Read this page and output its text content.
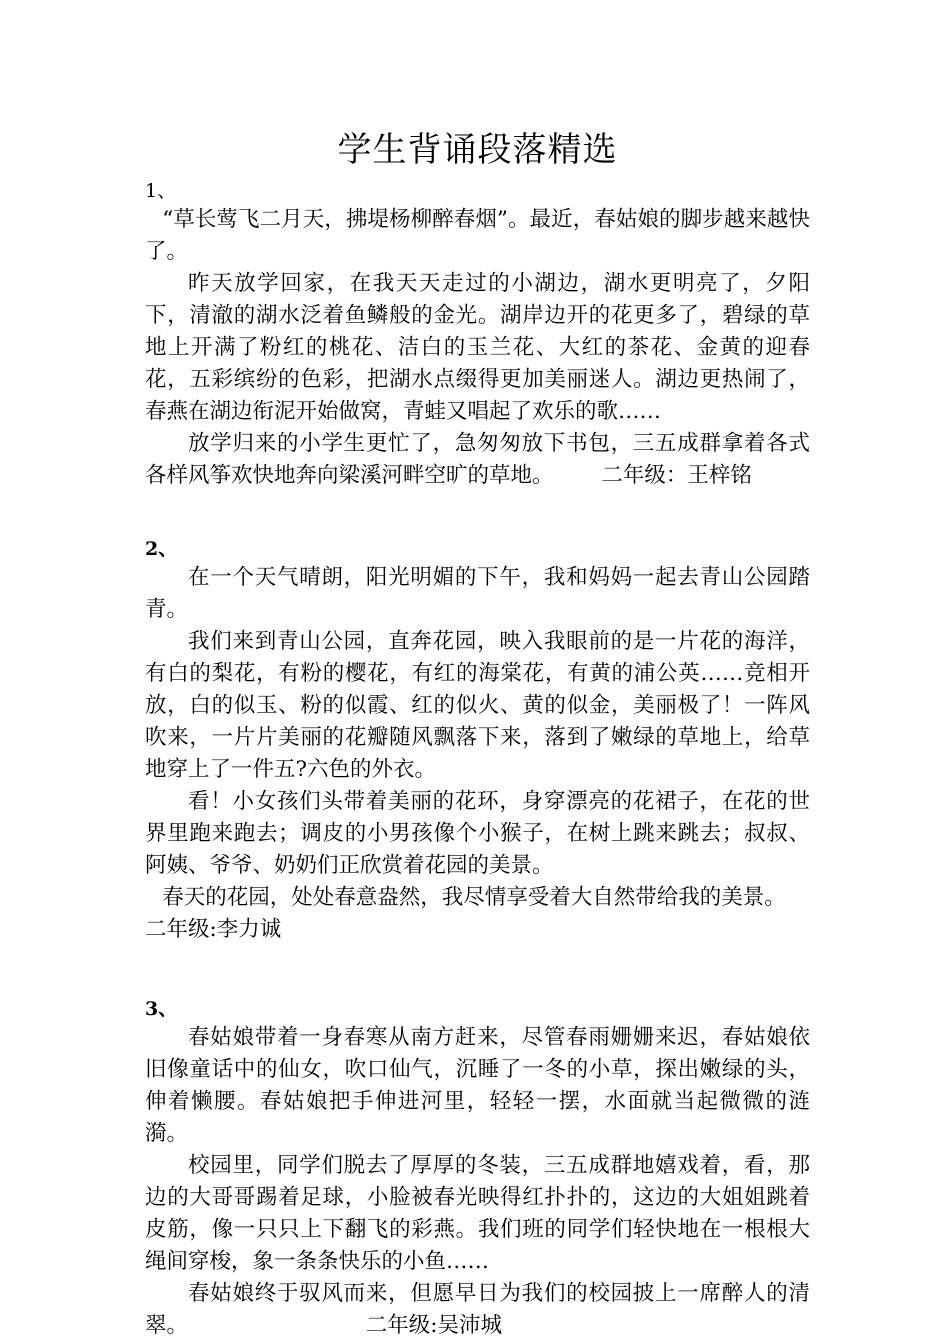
学生背诵段落精选

1、

“草长莺飞二月天，拂堤杨柳醉春烟”。最近，春姑娘的脚步越来越快了。

昨天放学回家，在我天天走过的小湖边，湖水更明亮了，夕阳下，清澈的湖水泛着鱼鳞般的金光。湖岸边开的花更多了，碧绿的草地上开满了粉红的桃花、洁白的玉兰花、大红的茶花、金黄的迎春花，五彩缤纷的色彩，把湖水点缀得更加美丽迷人。湖边更热闹了，春燕在湖边衔泥开始做窝，青蛙又唱起了欢乐的歌……

放学归来的小学生更忙了，急匆匆放下书包，三五成群拿着各式各样风筝欢快地奔向梁溪河畔空旷的草地。 二年级：王梓铭

2、

在一个天气晴朗，阳光明媚的下午，我和妈妈一起去青山公园踏青。

我们来到青山公园，直奔花园，映入我眼前的是一片花的海洋，有白的梨花，有粉的樱花，有红的海棠花，有黄的浦公英……竞相开放，白的似玉、粉的似霞、红的似火、黄的似金，美丽极了！一阵风吹来，一片片美丽的花瓣随风飘落下来，落到了嫩绿的草地上，给草地穿上了一件五?六色的外衣。

看！小女孩们头带着美丽的花环，身穿漂亮的花裙子，在花的世界里跑来跑去；调皮的小男孩像个小猴子，在树上跳来跳去；叔叔、阿姨、爷爷、奶奶们正欣赏着花园的美景。

春天的花园，处处春意盎然，我尽情享受着大自然带给我的美景。

二年级:李力诚

3、

春姑娘带着一身春寒从南方赶来，尽管春雨姗姗来迟，春姑娘依旧像童话中的仙女，吹口仙气，沉睡了一冬的小草，探出嫩绿的头，伸着懒腰。春姑娘把手伸进河里，轻轻一摆，水面就当起微微的涟漪。

校园里，同学们脱去了厚厚的冬装，三五成群地嬉戏着，看，那边的大哥哥踢着足球，小脸被春光映得红扑扑的，这边的大姐姐跳着皮筋，像一只只上下翻飞的彩燕。我们班的同学们轻快地在一根根大绳间穿梭，象一条条快乐的小鱼……

春姑娘终于驭风而来，但愿早日为我们的校园披上一席醉人的清翠。	二年级:吴沛城
